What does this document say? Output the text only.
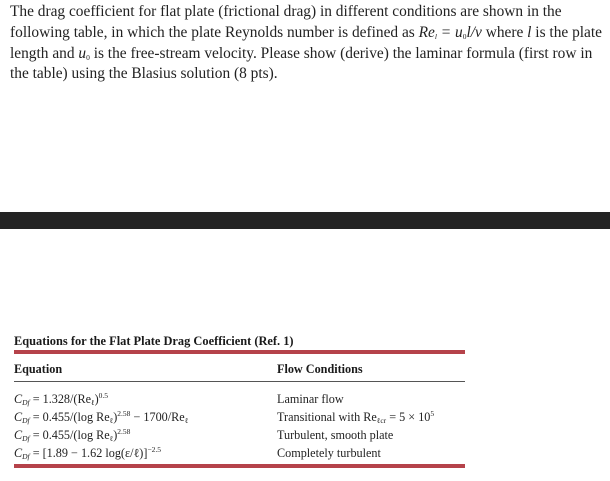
The drag coefficient for flat plate (frictional drag) in different conditions are shown in the following table, in which the plate Reynolds number is defined as $Re_l = u_0l/v$ where l is the plate length and $u_0$ is the free-stream velocity. Please show (derive) the laminar formula (first row in the table) using the Blasius solution (8 pts).

Equations for the Flat Plate Drag Coefficient (Ref. 1)
Equation	Flow Conditions
$C_{Df} = 1.328/(Re_\ell)^{0.5}$	Laminar flow
$C_{Df} = 0.455/(\log$ $Re_\ell)^{2.58} - 1700/Re_\ell$	Transitional with $Re_{\ell cr} = 5 \times 10^5$
$C_{Df} = 0.455/(\log$ $Re_\ell)^{2.58}$	Turbulent, smooth plate
$C_{Df} = [1.89 - 1.62$ log(ε/ℓ)]$^{-2.5}$	Completely turbulent
